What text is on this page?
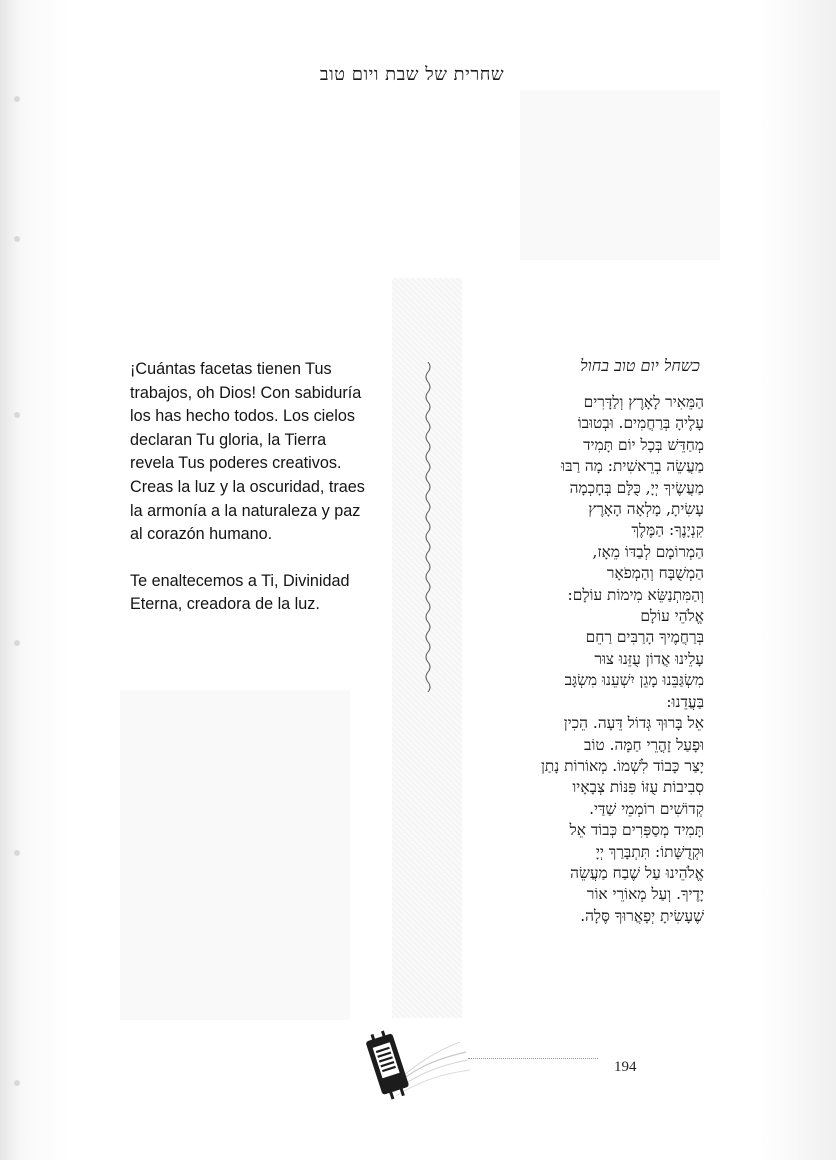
שחרית של שבת ויום טוב

¡Cuántas facetas tienen Tus trabajos, oh Dios! Con sabiduría los has hecho todos. Los cielos declaran Tu gloria, la Tierra revela Tus poderes creativos. Creas la luz y la oscuridad, traes la armonía a la naturaleza y paz al corazón humano.

Te enaltecemos a Ti, Divinidad Eterna, creadora de la luz.

כשחל יום טוב בחול
הַמֵּאִיר לָאָרֶץ וְלַדָּרִים
עָלֶיהָ בְּרַחֲמִים. וּבְטוּבוֹ
מְחַדֵּשׁ בְּכָל יוֹם תָּמִיד
מַעֲשֵׂה בְרֵאשִׁית: מָה רַבּוּ
מַעֲשֶׂיךָ יְיָ, כֻּלָּם בְּחָכְמָה
עָשִׂיתָ, מָלְאָה הָאָרֶץ
קִנְיָנֶךָ: הַמֶּלֶךְ
הַמְרוֹמָם לְבַדּוֹ מֵאָז,
הַמְשֻׁבָּח וְהַמְפֹאָר
וְהַמִּתְנַשֵּׂא מִימוֹת עוֹלָם:
אֱלֹהֵי עוֹלָם
בְּרַחֲמֶיךָ הָרַבִּים רַחֵם
עָלֵינוּ אֲדוֹן עֻזֵּנוּ צוּר
מִשְׂגַּבֵּנוּ מָגֵן יִשְׁעֵנוּ מִשְׂגָּב
בַּעֲדֵנוּ:
אֵל בָּרוּךְ גְּדוֹל דֵּעָה. הֵכִין
וּפָעַל זָהֳרֵי חַמָּה. טוֹב
יָצַר כָּבוֹד לִשְׁמוֹ. מְאוֹרוֹת נָתַן
סְבִיבוֹת עֻזּוֹ פִּנּוֹת צְבָאָיו
קְדוֹשִׁים רוֹמְמֵי שַׁדַּי.
תָּמִיד מְסַפְּרִים כְּבוֹד אֵל
וּקְדֻשָּׁתוֹ: תִּתְבָּרַךְ יְיָ
אֱלֹהֵינוּ עַל שֶׁבַח מַעֲשֵׂה
יָדֶיךָ. וְעַל מְאוֹרֵי אוֹר
שֶׁעָשִׂיתָ יְפָאֲרוּךָ סֶּלָה.
194
